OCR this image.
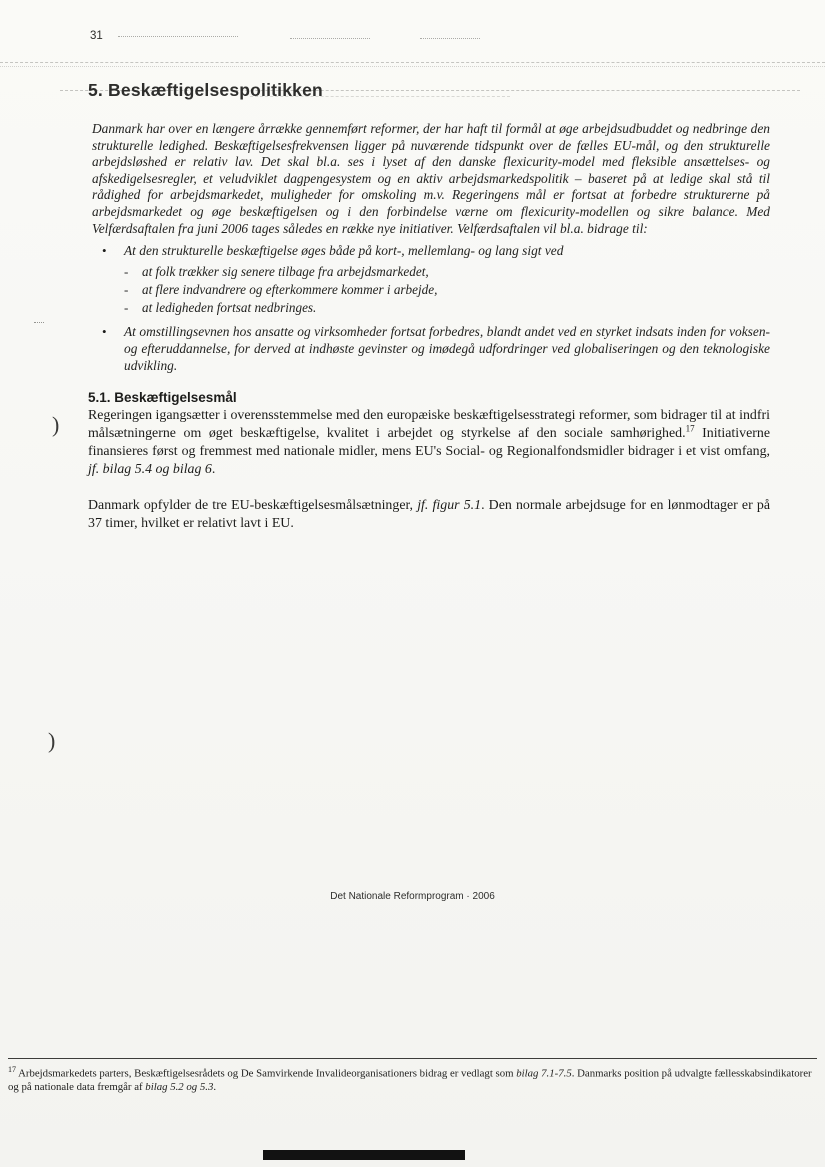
)
)
31
5. Beskæftigelsespolitikken

Danmark har over en længere årrække gennemført reformer, der har haft til formål at øge arbejdsudbuddet og nedbringe den strukturelle ledighed. Beskæftigelsesfrekvensen ligger på nuværende tidspunkt over de fælles EU-mål, og den strukturelle arbejdsløshed er relativ lav. Det skal bl.a. ses i lyset af den danske flexicurity-model med fleksible ansættelses- og afskedigelsesregler, et veludviklet dagpengesystem og en aktiv arbejdsmarkedspolitik – baseret på at ledige skal stå til rådighed for arbejdsmarkedet, muligheder for omskoling m.v. Regeringens mål er fortsat at forbedre strukturerne på arbejdsmarkedet og øge beskæftigelsen og i den forbindelse værne om flexicurity-modellen og sikre balance. Med Velfærdsaftalen fra juni 2006 tages således en række nye initiativer. Velfærdsaftalen vil bl.a. bidrage til:

•	At den strukturelle beskæftigelse øges både på kort-, mellemlang- og lang sigt ved
-	at folk trækker sig senere tilbage fra arbejdsmarkedet,
-	at flere indvandrere og efterkommere kommer i arbejde,
-	at ledigheden fortsat nedbringes.
•	At omstillingsevnen hos ansatte og virksomheder fortsat forbedres, blandt andet ved en styrket indsats inden for voksen- og efteruddannelse, for derved at indhøste gevinster og imødegå udfordringer ved globaliseringen og den teknologiske udvikling.
5.1. Beskæftigelsesmål

Regeringen igangsætter i overensstemmelse med den europæiske beskæftigelsesstrategi reformer, som bidrager til at indfri målsætningerne om øget beskæftigelse, kvalitet i arbejdet og styrkelse af den sociale samhørighed.$^{17}$ Initiativerne finansieres først og fremmest med nationale midler, mens EU's Social- og Regionalfondsmidler bidrager i et vist omfang, jf. bilag 5.4 og bilag 6.

Danmark opfylder de tre EU-beskæftigelsesmålsætninger, jf. figur 5.1. Den normale arbejdsuge for en lønmodtager er på 37 timer, hvilket er relativt lavt i EU.

Det Nationale Reformprogram · 2006
$^{17}$ Arbejdsmarkedets parters, Beskæftigelsesrådets og De Samvirkende Invalideorganisationers bidrag er vedlagt som bilag 7.1-7.5. Danmarks position på udvalgte fællesskabsindikatorer og på nationale data fremgår af bilag 5.2 og 5.3.
